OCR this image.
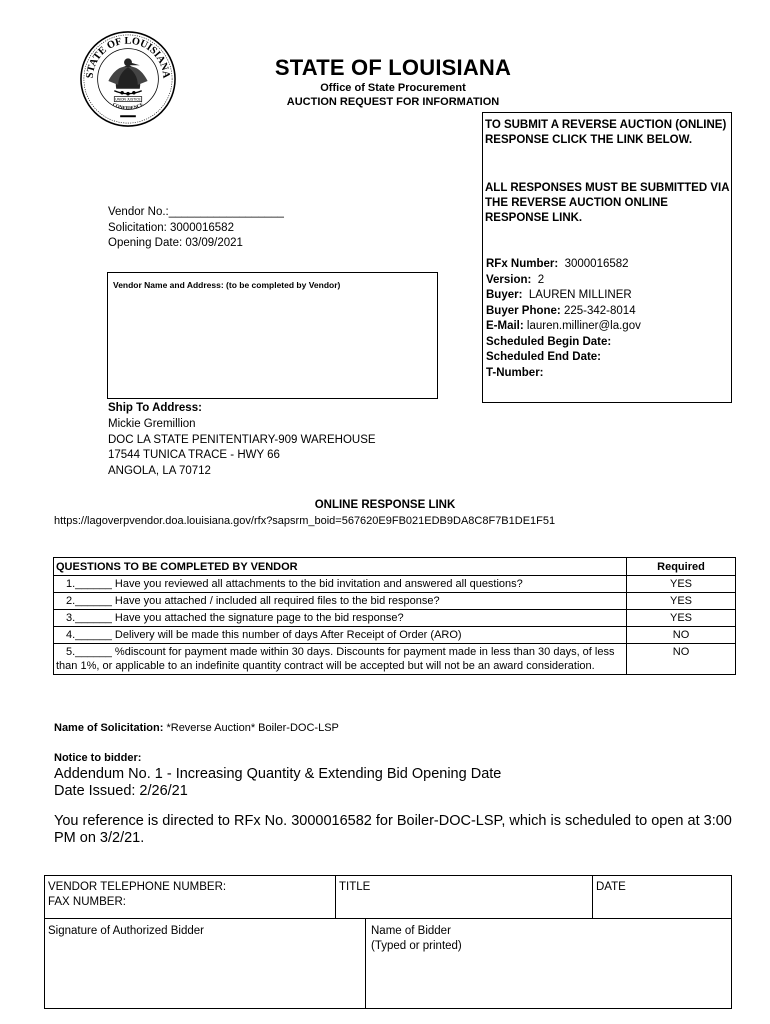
STATE OF LOUISIANA
CONFIDENCE
UNION JUSTICE
STATE OF LOUISIANA
Office of State Procurement
AUCTION REQUEST FOR INFORMATION
TO SUBMIT A REVERSE AUCTION (ONLINE) RESPONSE CLICK THE LINK BELOW.
ALL RESPONSES MUST BE SUBMITTED VIA THE REVERSE AUCTION ONLINE RESPONSE LINK.
RFx Number: 3000016582
Version: 2
Buyer: LAUREN MILLINER
Buyer Phone: 225-342-8014
E-Mail: lauren.milliner@la.gov
Scheduled Begin Date:
Scheduled End Date:
T-Number:
Vendor No.:__________________
Solicitation: 3000016582
Opening Date: 03/09/2021
Vendor Name and Address: (to be completed by Vendor)
Ship To Address:
Mickie Gremillion
DOC LA STATE PENITENTIARY-909 WAREHOUSE
17544 TUNICA TRACE - HWY 66
ANGOLA, LA 70712
ONLINE RESPONSE LINK
https://lagoverpvendor.doa.louisiana.gov/rfx?sapsrm_boid=567620E9FB021EDB9DA8C8F7B1DE1F51
QUESTIONS TO BE COMPLETED BY VENDOR	Required
1.______ Have you reviewed all attachments to the bid invitation and answered all questions?	YES
2.______ Have you attached / included all required files to the bid response?	YES
3.______ Have you attached the signature page to the bid response?	YES
4.______ Delivery will be made this number of days After Receipt of Order (ARO)	NO
5.______ %discount for payment made within 30 days. Discounts for payment made in less than 30 days, of less than 1%, or applicable to an indefinite quantity contract will be accepted but will not be an award consideration.	NO
Name of Solicitation: *Reverse Auction* Boiler-DOC-LSP
Notice to bidder:
Addendum No. 1 - Increasing Quantity & Extending Bid Opening Date
Date Issued: 2/26/21
You reference is directed to RFx No. 3000016582 for Boiler-DOC-LSP, which is scheduled to open at 3:00 PM on 3/2/21.
VENDOR TELEPHONE NUMBER:
FAX NUMBER:
TITLE	DATE
Signature of Authorized Bidder	Name of Bidder
(Typed or printed)
